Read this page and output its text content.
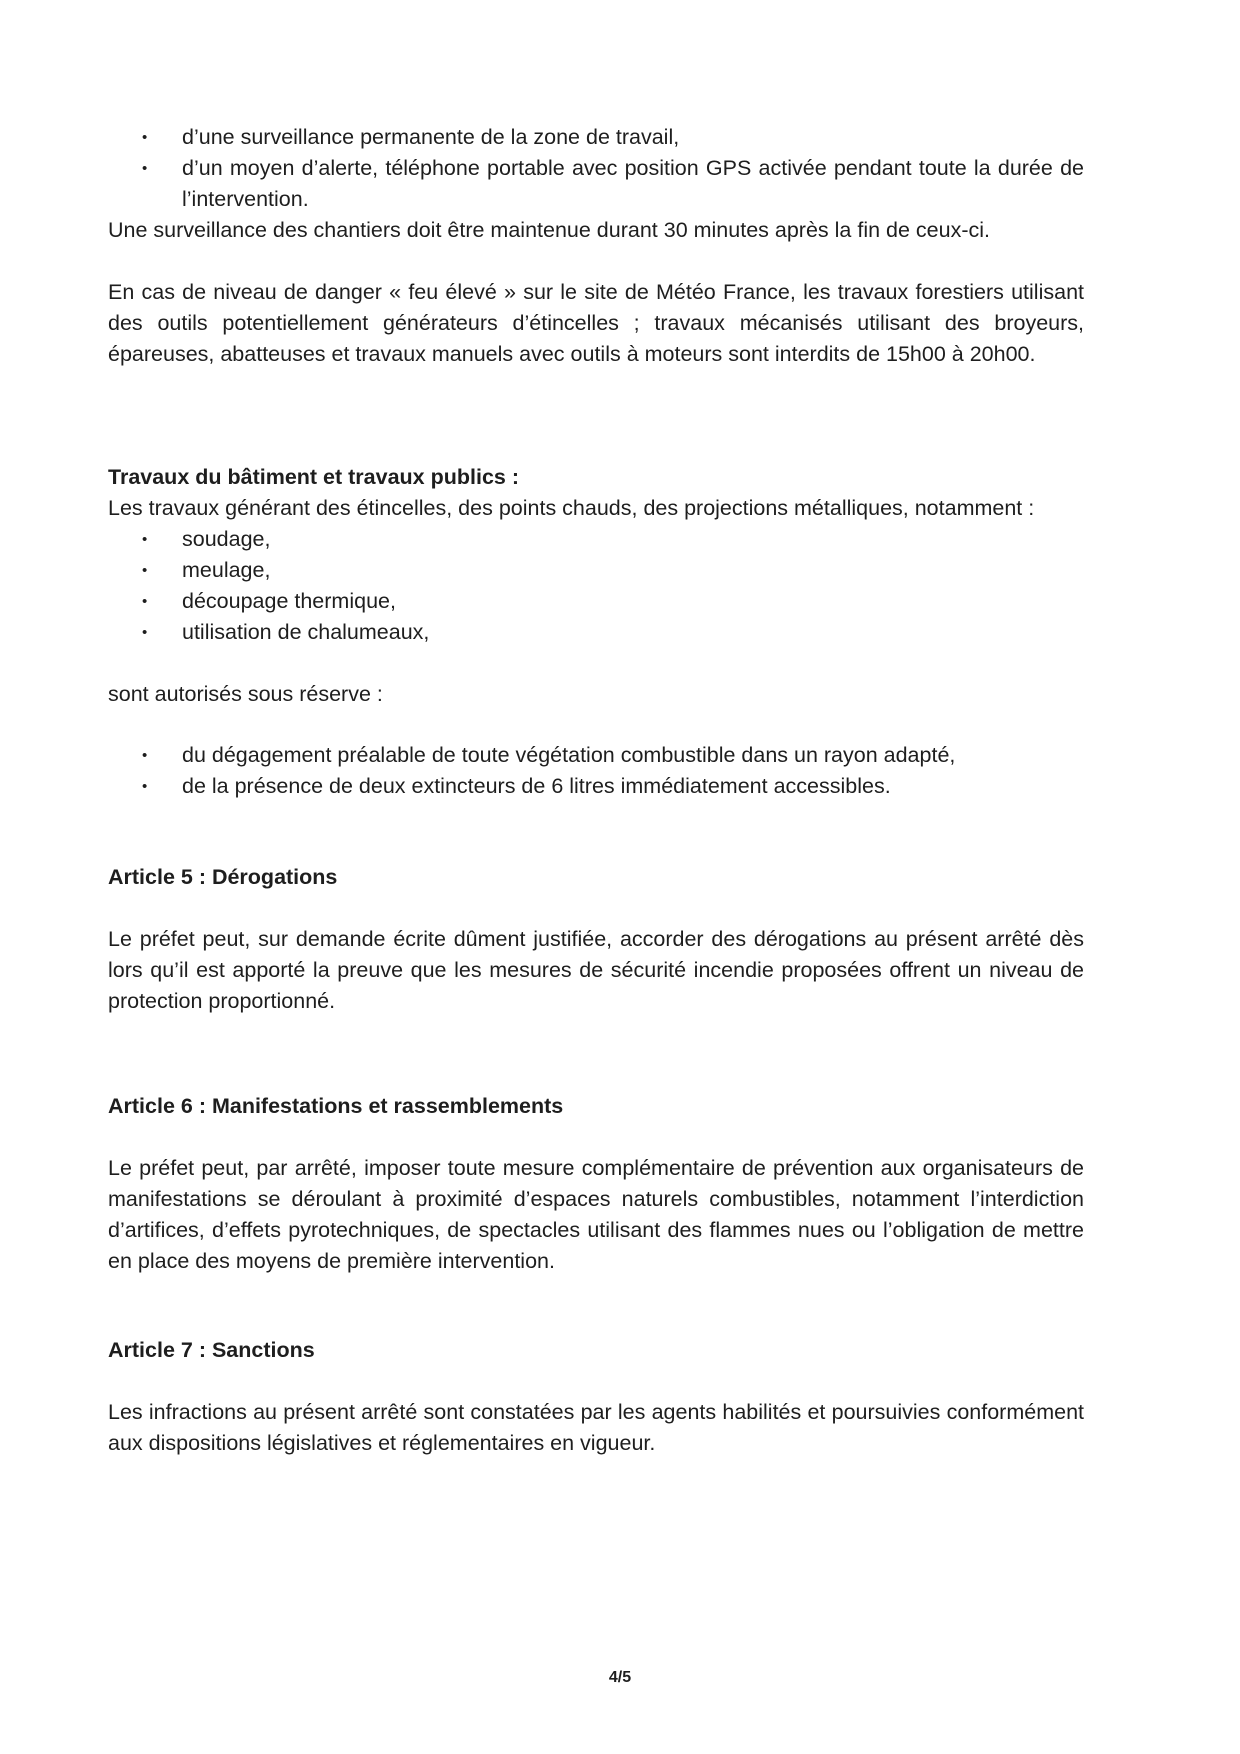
• d’une surveillance permanente de la zone de travail,
• d’un moyen d’alerte, téléphone portable avec position GPS activée pendant toute la durée de l’intervention.

Une surveillance des chantiers doit être maintenue durant 30 minutes après la fin de ceux-ci.

En cas de niveau de danger « feu élevé » sur le site de Météo France, les travaux forestiers utilisant des outils potentiellement générateurs d’étincelles ; travaux mécanisés utilisant des broyeurs, épareuses, abatteuses et travaux manuels avec outils à moteurs sont interdits de 15h00 à 20h00.

Travaux du bâtiment et travaux publics :

Les travaux générant des étincelles, des points chauds, des projections métalliques, notamment :

• soudage,
• meulage,
• découpage thermique,
• utilisation de chalumeaux,

sont autorisés sous réserve :

• du dégagement préalable de toute végétation combustible dans un rayon adapté,
• de la présence de deux extincteurs de 6 litres immédiatement accessibles.

Article 5 : Dérogations

Le préfet peut, sur demande écrite dûment justifiée, accorder des dérogations au présent arrêté dès lors qu’il est apporté la preuve que les mesures de sécurité incendie proposées offrent un niveau de protection proportionné.

Article 6 : Manifestations et rassemblements

Le préfet peut, par arrêté, imposer toute mesure complémentaire de prévention aux organisateurs de manifestations se déroulant à proximité d’espaces naturels combustibles, notamment l’interdiction d’artifices, d’effets pyrotechniques, de spectacles utilisant des flammes nues ou l’obligation de mettre en place des moyens de première intervention.

Article 7 : Sanctions

Les infractions au présent arrêté sont constatées par les agents habilités et poursuivies conformément aux dispositions législatives et réglementaires en vigueur.

4/5
